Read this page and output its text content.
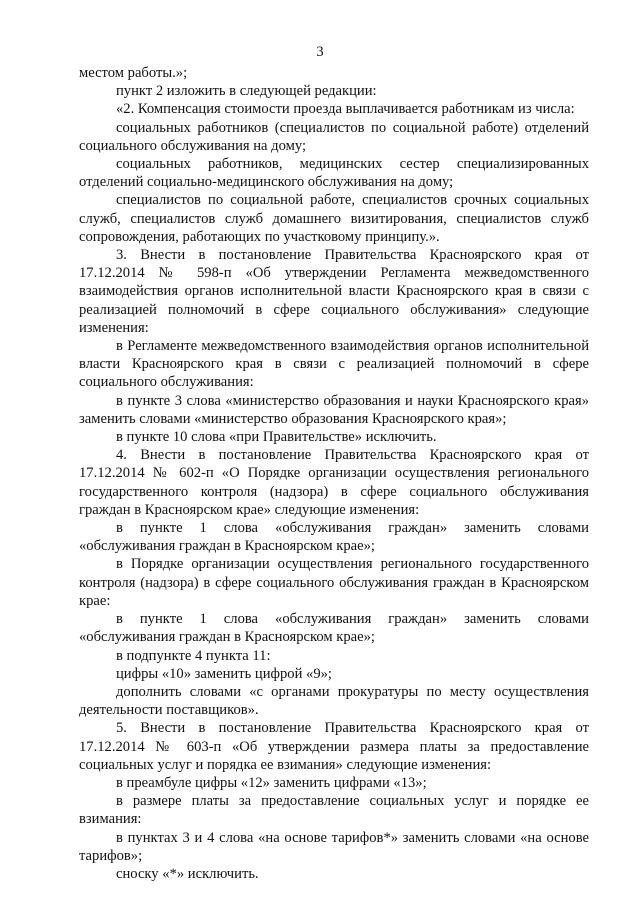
3

местом работы.»;

пункт 2 изложить в следующей редакции:

«2. Компенсация стоимости проезда выплачивается работникам из числа:

социальных работников (специалистов по социальной работе) отделений социального обслуживания на дому;

социальных работников, медицинских сестер специализированных отделений социально-медицинского обслуживания на дому;

специалистов по социальной работе, специалистов срочных социальных служб, специалистов служб домашнего визитирования, специалистов служб сопровождения, работающих по участковому принципу.».

3. Внести в постановление Правительства Красноярского края от 17.12.2014 № 598-п «Об утверждении Регламента межведомственного взаимодействия органов исполнительной власти Красноярского края в связи с реализацией полномочий в сфере социального обслуживания» следующие изменения:

в Регламенте межведомственного взаимодействия органов исполнительной власти Красноярского края в связи с реализацией полномочий в сфере социального обслуживания:

в пункте 3 слова «министерство образования и науки Красноярского края» заменить словами «министерство образования Красноярского края»;

в пункте 10 слова «при Правительстве» исключить.

4. Внести в постановление Правительства Красноярского края от 17.12.2014 № 602-п «О Порядке организации осуществления регионального государственного контроля (надзора) в сфере социального обслуживания граждан в Красноярском крае» следующие изменения:

в пункте 1 слова «обслуживания граждан» заменить словами «обслуживания граждан в Красноярском крае»;

в Порядке организации осуществления регионального государственного контроля (надзора) в сфере социального обслуживания граждан в Красноярском крае:

в пункте 1 слова «обслуживания граждан» заменить словами «обслуживания граждан в Красноярском крае»;

в подпункте 4 пункта 11:

цифры «10» заменить цифрой «9»;

дополнить словами «с органами прокуратуры по месту осуществления деятельности поставщиков».

5. Внести в постановление Правительства Красноярского края от 17.12.2014 № 603-п «Об утверждении размера платы за предоставление социальных услуг и порядка ее взимания» следующие изменения:

в преамбуле цифры «12» заменить цифрами «13»;

в размере платы за предоставление социальных услуг и порядке ее взимания:

в пунктах 3 и 4 слова «на основе тарифов*» заменить словами «на основе тарифов»;

сноску «*» исключить.
